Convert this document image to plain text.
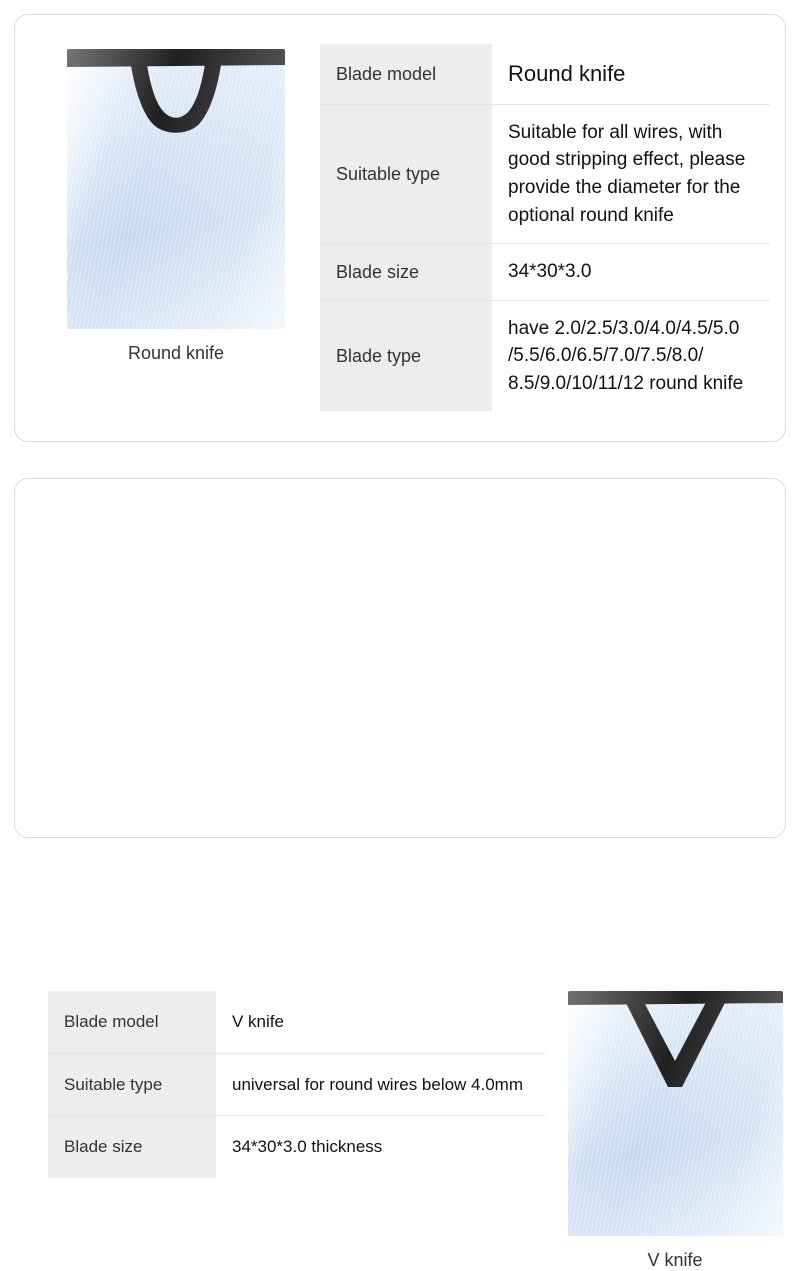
Round knife
Blade model	Round knife
Suitable type	Suitable for all wires, with good stripping effect, please provide the diameter for the optional round knife
Blade size	34*30*3.0
Blade type	have 2.0/2.5/3.0/4.0/4.5/5.0 /5.5/6.0/6.5/7.0/7.5/8.0/ 8.5/9.0/10/11/12 round knife
Blade model	V knife
Suitable type	universal for round wires below 4.0mm
Blade size	34*30*3.0 thickness
V knife
